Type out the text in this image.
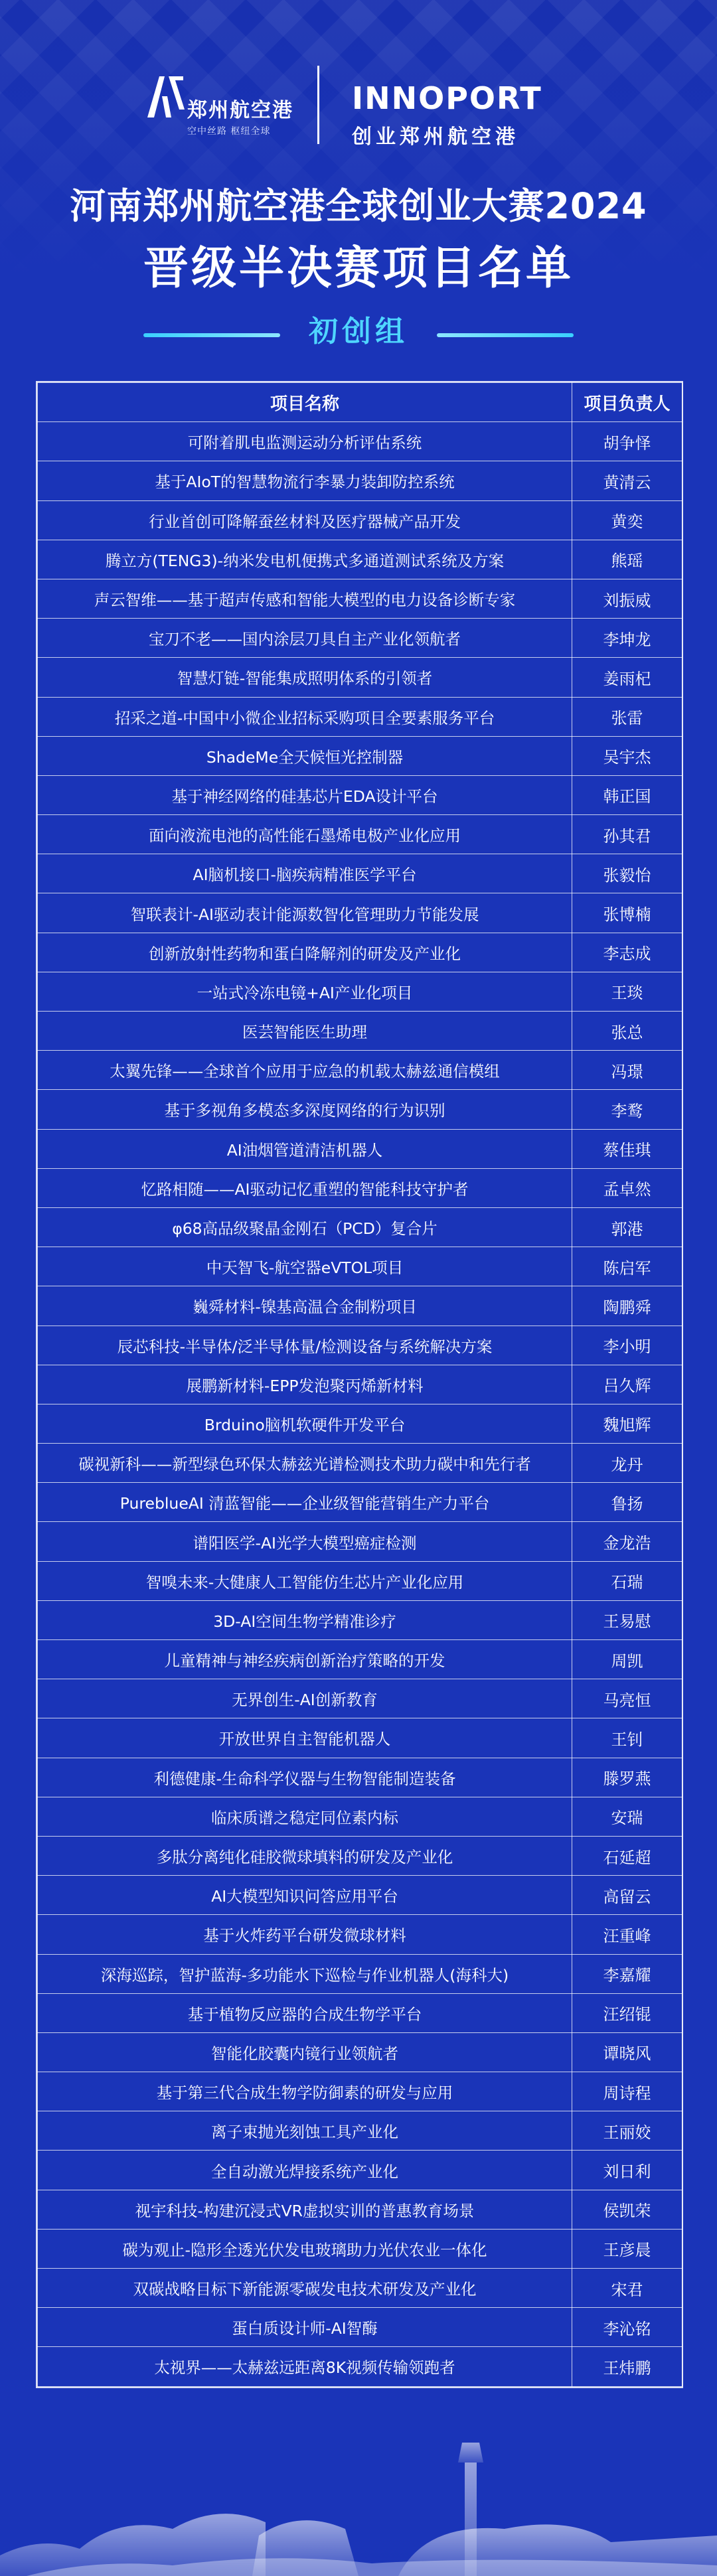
郑州航空港
空中丝路 枢纽全球
INNOPORT
创业郑州航空港
河南郑州航空港全球创业大赛2024
晋级半决赛项目名单
初创组
项目名称	项目负责人
可附着肌电监测运动分析评估系统	胡争怿
基于AIoT的智慧物流行李暴力装卸防控系统	黄清云
行业首创可降解蚕丝材料及医疗器械产品开发	黄奕
腾立方(TENG3)-纳米发电机便携式多通道测试系统及方案	熊瑶
声云智维——基于超声传感和智能大模型的电力设备诊断专家	刘振威
宝刀不老——国内涂层刀具自主产业化领航者	李坤龙
智慧灯链-智能集成照明体系的引领者	姜雨杞
招采之道-中国中小微企业招标采购项目全要素服务平台	张雷
ShadeMe全天候恒光控制器	吴宇杰
基于神经网络的硅基芯片EDA设计平台	韩正国
面向液流电池的高性能石墨烯电极产业化应用	孙其君
AI脑机接口-脑疾病精准医学平台	张毅怡
智联表计-AI驱动表计能源数智化管理助力节能发展	张博楠
创新放射性药物和蛋白降解剂的研发及产业化	李志成
一站式冷冻电镜+AI产业化项目	王琰
医芸智能医生助理	张总
太翼先锋——全球首个应用于应急的机载太赫兹通信模组	冯璟
基于多视角多模态多深度网络的行为识别	李鹜
AI油烟管道清洁机器人	蔡佳琪
忆路相随——AI驱动记忆重塑的智能科技守护者	孟卓然
φ68高品级聚晶金刚石（PCD）复合片	郭港
中天智飞-航空器eVTOL项目	陈启军
巍舜材料-镍基高温合金制粉项目	陶鹏舜
辰芯科技-半导体/泛半导体量/检测设备与系统解决方案	李小明
展鹏新材料-EPP发泡聚丙烯新材料	吕久辉
Brduino脑机软硬件开发平台	魏旭辉
碳视新科——新型绿色环保太赫兹光谱检测技术助力碳中和先行者	龙丹
PureblueAI 清蓝智能——企业级智能营销生产力平台	鲁扬
谱阳医学-AI光学大模型癌症检测	金龙浩
智嗅未来-大健康人工智能仿生芯片产业化应用	石瑞
3D-AI空间生物学精准诊疗	王易慰
儿童精神与神经疾病创新治疗策略的开发	周凯
无界创生-AI创新教育	马亮恒
开放世界自主智能机器人	王钊
利德健康-生命科学仪器与生物智能制造装备	滕罗燕
临床质谱之稳定同位素内标	安瑞
多肽分离纯化硅胶微球填料的研发及产业化	石延超
AI大模型知识问答应用平台	高留云
基于火炸药平台研发微球材料	汪重峰
深海巡踪，智护蓝海-多功能水下巡检与作业机器人(海科大)	李嘉耀
基于植物反应器的合成生物学平台	汪绍锟
智能化胶囊内镜行业领航者	谭晓风
基于第三代合成生物学防御素的研发与应用	周诗程
离子束抛光刻蚀工具产业化	王丽姣
全自动激光焊接系统产业化	刘日利
视宇科技-构建沉浸式VR虚拟实训的普惠教育场景	侯凯荣
碳为观止-隐形全透光伏发电玻璃助力光伏农业一体化	王彦晨
双碳战略目标下新能源零碳发电技术研发及产业化	宋君
蛋白质设计师-AI智酶	李沁铭
太视界——太赫兹远距离8K视频传输领跑者	王炜鹏
